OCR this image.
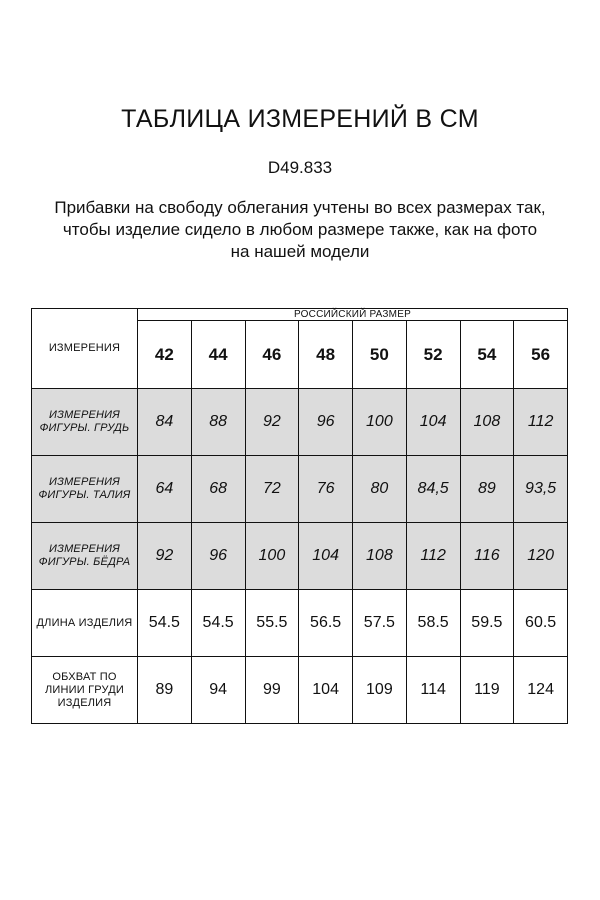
ТАБЛИЦА ИЗМЕРЕНИЙ В СМ
D49.833
Прибавки на свободу облегания учтены во всех размерах так,
чтобы изделие сидело в любом размере также, как на фото
на нашей модели
ИЗМЕРЕНИЯ	РОССИЙСКИЙ РАЗМЕР							
	42	44	46	48	50	52	54	56

ИЗМЕРЕНИЯ
ФИГУРЫ. ГРУДЬ	84	88	92	96	100	104	108	112

ИЗМЕРЕНИЯ
ФИГУРЫ. ТАЛИЯ	64	68	72	76	80	84,5	89	93,5

ИЗМЕРЕНИЯ
ФИГУРЫ. БЁДРА	92	96	100	104	108	112	116	120

ДЛИНА ИЗДЕЛИЯ	54.5	54.5	55.5	56.5	57.5	58.5	59.5	60.5

ОБХВАТ ПО
ЛИНИИ ГРУДИ
ИЗДЕЛИЯ	89	94	99	104	109	114	119	124
